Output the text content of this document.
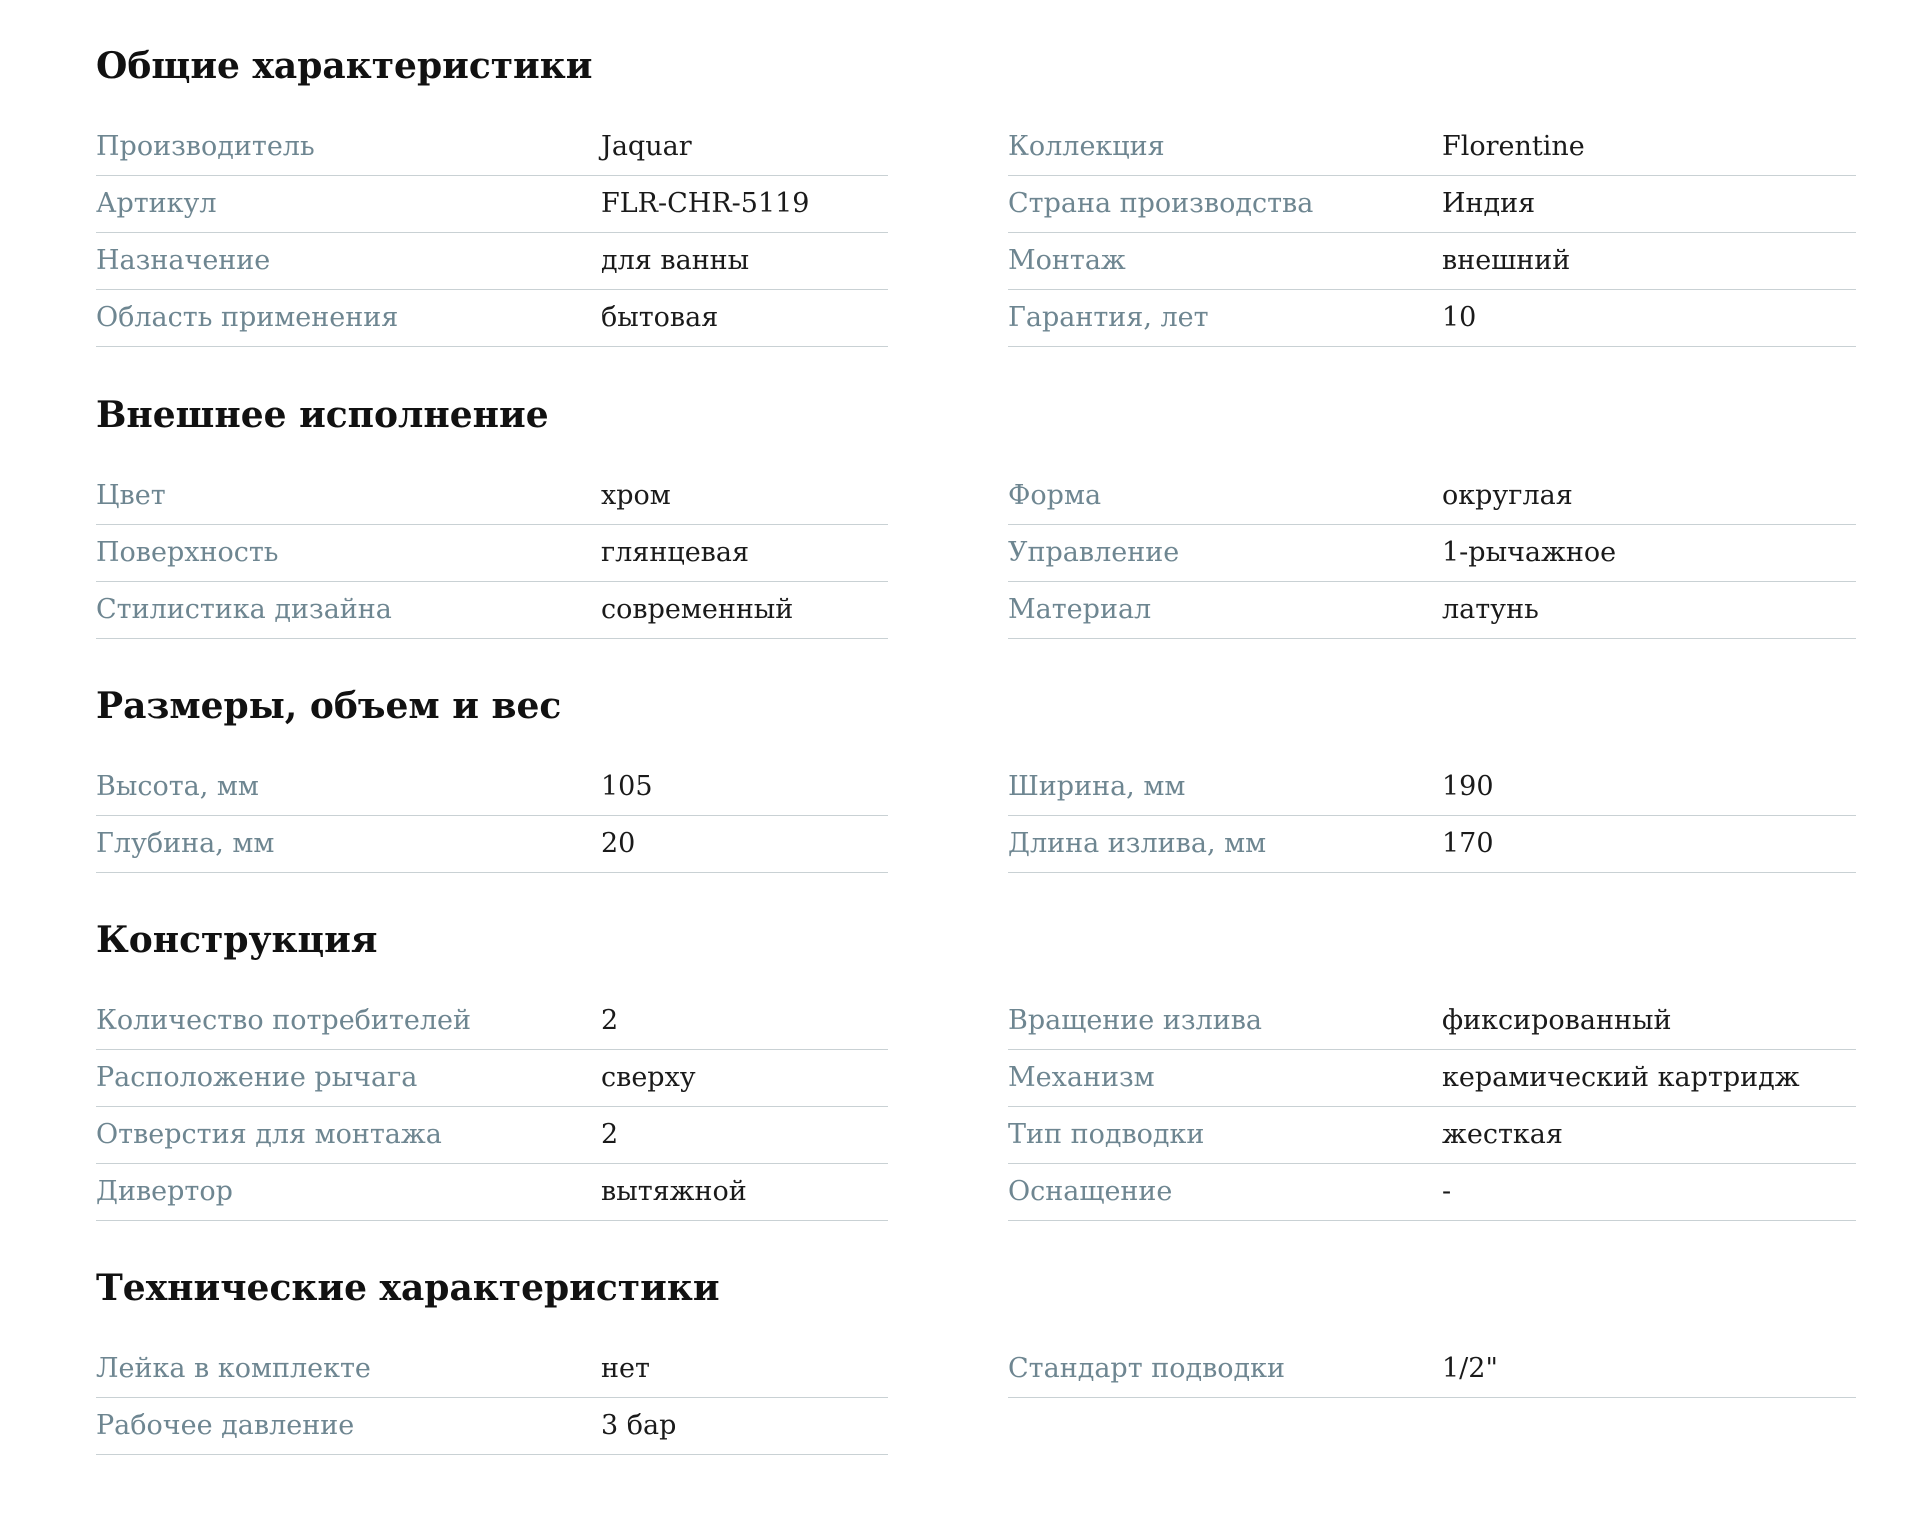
Общие характеристики
Производитель	Jaquar
Артикул	FLR-CHR-5119
Назначение	для ванны
Область применения	бытовая
Коллекция	Florentine
Страна производства	Индия
Монтаж	внешний
Гарантия, лет	10
Внешнее исполнение
Цвет	хром
Поверхность	глянцевая
Стилистика дизайна	современный
Форма	округлая
Управление	1-рычажное
Материал	латунь
Размеры, объем и вес
Высота, мм	105
Глубина, мм	20
Ширина, мм	190
Длина излива, мм	170
Конструкция
Количество потребителей	2
Расположение рычага	сверху
Отверстия для монтажа	2
Дивертор	вытяжной
Вращение излива	фиксированный
Механизм	керамический картридж
Тип подводки	жесткая
Оснащение	-
Технические характеристики
Лейка в комплекте	нет
Рабочее давление	3 бар
Стандарт подводки	1/2"
